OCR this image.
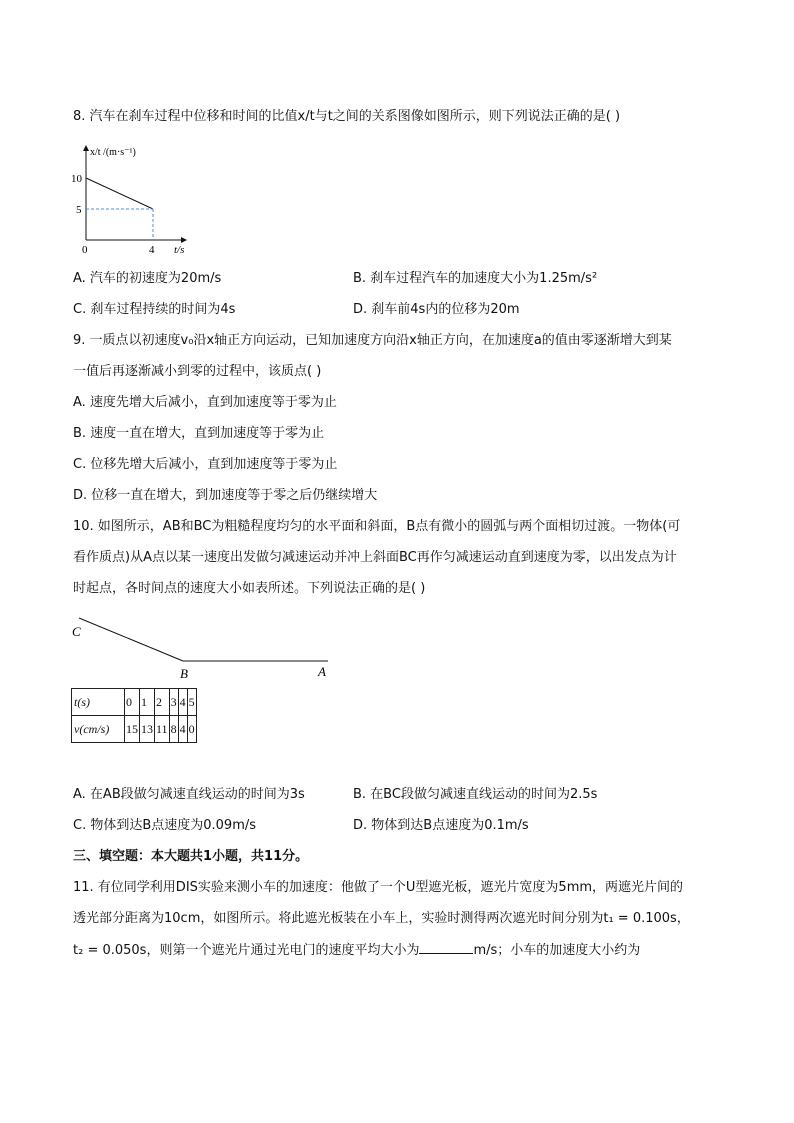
8. 汽车在刹车过程中位移和时间的比值x/t与t之间的关系图像如图所示，则下列说法正确的是( )
x/t /(m·s⁻¹)
10
5
0	4 t/s
A. 汽车的初速度为20m/s	B. 刹车过程汽车的加速度大小为1.25m/s²
C. 刹车过程持续的时间为4s	D. 刹车前4s内的位移为20m
9. 一质点以初速度v₀沿x轴正方向运动，已知加速度方向沿x轴正方向，在加速度a的值由零逐渐增大到某
一值后再逐渐减小到零的过程中，该质点( )
A. 速度先增大后减小，直到加速度等于零为止
B. 速度一直在增大，直到加速度等于零为止
C. 位移先增大后减小，直到加速度等于零为止
D. 位移一直在增大，到加速度等于零之后仍继续增大
10. 如图所示，AB和BC为粗糙程度均匀的水平面和斜面，B点有微小的圆弧与两个面相切过渡。一物体(可
看作质点)从A点以某一速度出发做匀减速运动并冲上斜面BC再作匀减速运动直到速度为零，以出发点为计
时起点，各时间点的速度大小如表所述。下列说法正确的是( )
C
B	A
t(s)	0	1	2	3	4	5
v(cm/s)	15	13	11	8	4	0
A. 在AB段做匀减速直线运动的时间为3s	B. 在BC段做匀减速直线运动的时间为2.5s
C. 物体到达B点速度为0.09m/s	D. 物体到达B点速度为0.1m/s
三、填空题：本大题共1小题，共11分。
11. 有位同学利用DIS实验来测小车的加速度：他做了一个U型遮光板，遮光片宽度为5mm，两遮光片间的
透光部分距离为10cm，如图所示。将此遮光板装在小车上，实验时测得两次遮光时间分别为t₁ = 0.100s，
t₂ = 0.050s，则第一个遮光片通过光电门的速度平均大小为	m/s；小车的加速度大小约为
